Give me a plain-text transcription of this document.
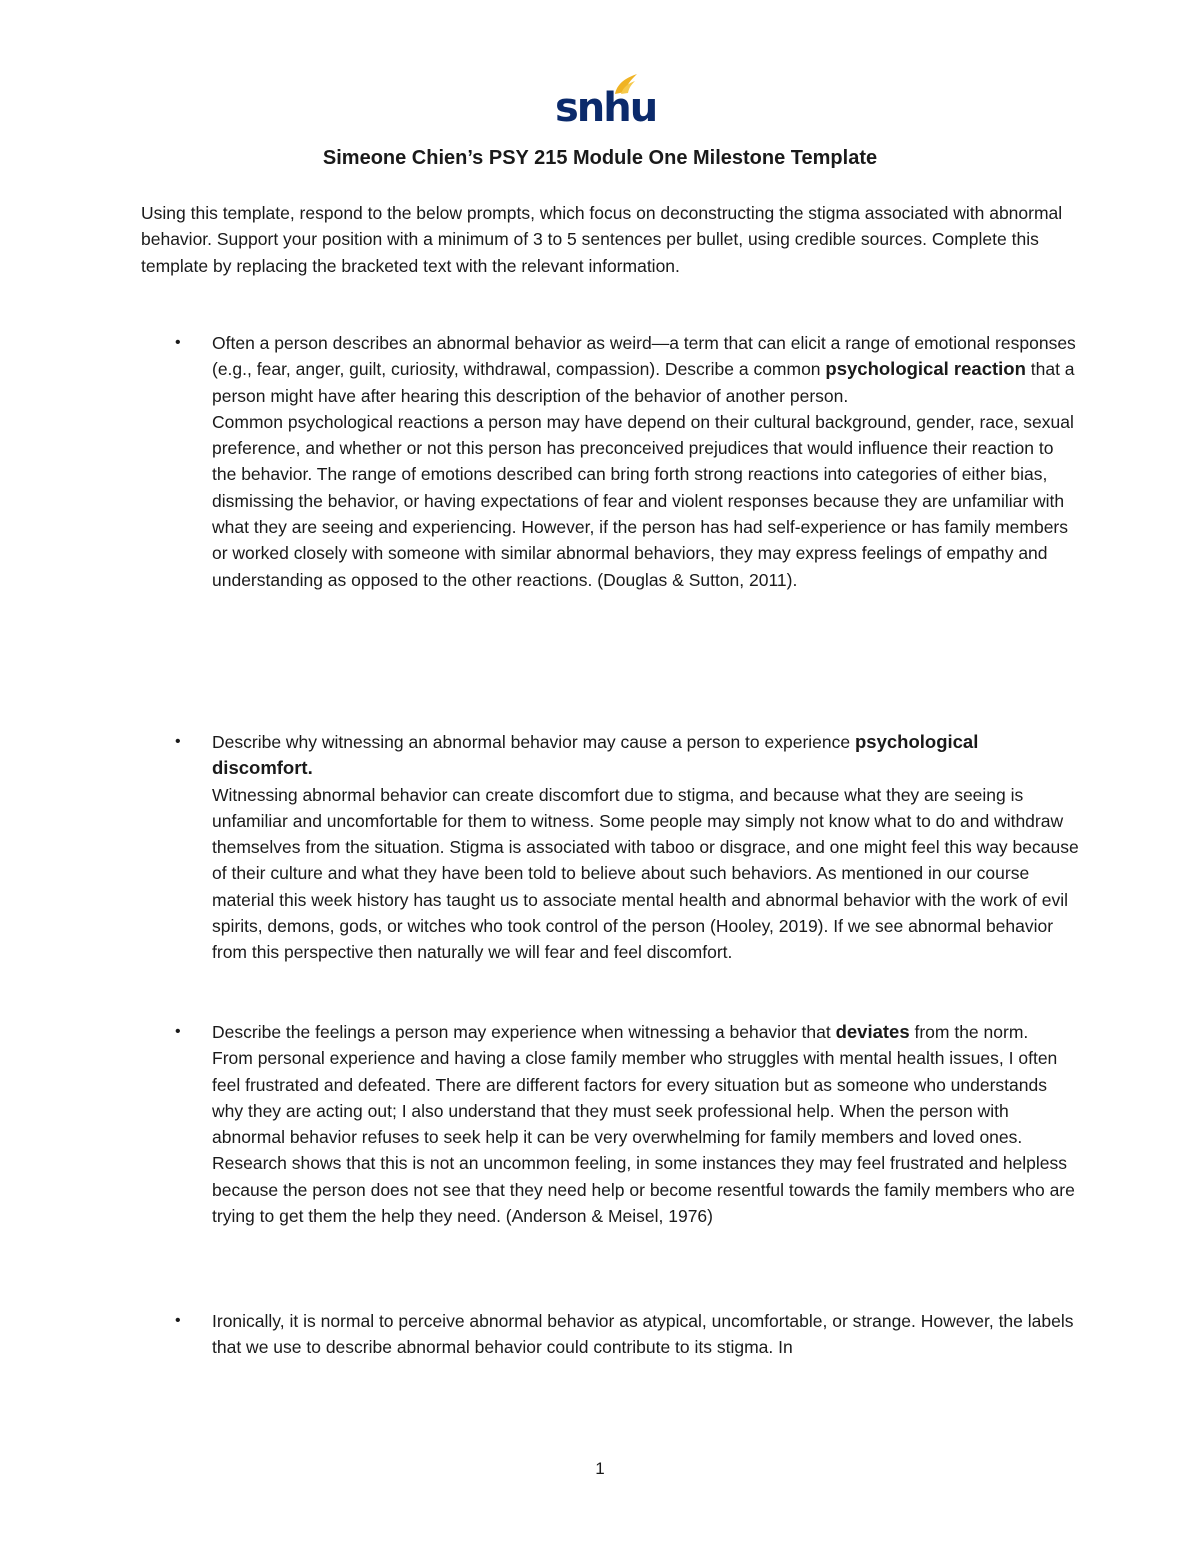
snhu
Simeone Chien’s PSY 215 Module One Milestone Template

Using this template, respond to the below prompts, which focus on deconstructing the stigma associated with abnormal behavior. Support your position with a minimum of 3 to 5 sentences per bullet, using credible sources. Complete this template by replacing the bracketed text with the relevant information.

• Often a person describes an abnormal behavior as weird—a term that can elicit a range of emotional responses (e.g., fear, anger, guilt, curiosity, withdrawal, compassion). Describe a common psychological reaction that a person might have after hearing this description of the behavior of another person.

Common psychological reactions a person may have depend on their cultural background, gender, race, sexual preference, and whether or not this person has preconceived prejudices that would influence their reaction to the behavior. The range of emotions described can bring forth strong reactions into categories of either bias, dismissing the behavior, or having expectations of fear and violent responses because they are unfamiliar with what they are seeing and experiencing. However, if the person has had self-experience or has family members or worked closely with someone with similar abnormal behaviors, they may express feelings of empathy and understanding as opposed to the other reactions. (Douglas & Sutton, 2011).

• Describe why witnessing an abnormal behavior may cause a person to experience psychological discomfort.

Witnessing abnormal behavior can create discomfort due to stigma, and because what they are seeing is unfamiliar and uncomfortable for them to witness. Some people may simply not know what to do and withdraw themselves from the situation. Stigma is associated with taboo or disgrace, and one might feel this way because of their culture and what they have been told to believe about such behaviors. As mentioned in our course material this week history has taught us to associate mental health and abnormal behavior with the work of evil spirits, demons, gods, or witches who took control of the person (Hooley, 2019). If we see abnormal behavior from this perspective then naturally we will fear and feel discomfort.

• Describe the feelings a person may experience when witnessing a behavior that deviates from the norm.

From personal experience and having a close family member who struggles with mental health issues, I often feel frustrated and defeated. There are different factors for every situation but as someone who understands why they are acting out; I also understand that they must seek professional help. When the person with abnormal behavior refuses to seek help it can be very overwhelming for family members and loved ones. Research shows that this is not an uncommon feeling, in some instances they may feel frustrated and helpless because the person does not see that they need help or become resentful towards the family members who are trying to get them the help they need. (Anderson & Meisel, 1976)

• Ironically, it is normal to perceive abnormal behavior as atypical, uncomfortable, or strange. However, the labels that we use to describe abnormal behavior could contribute to its stigma. In

1
